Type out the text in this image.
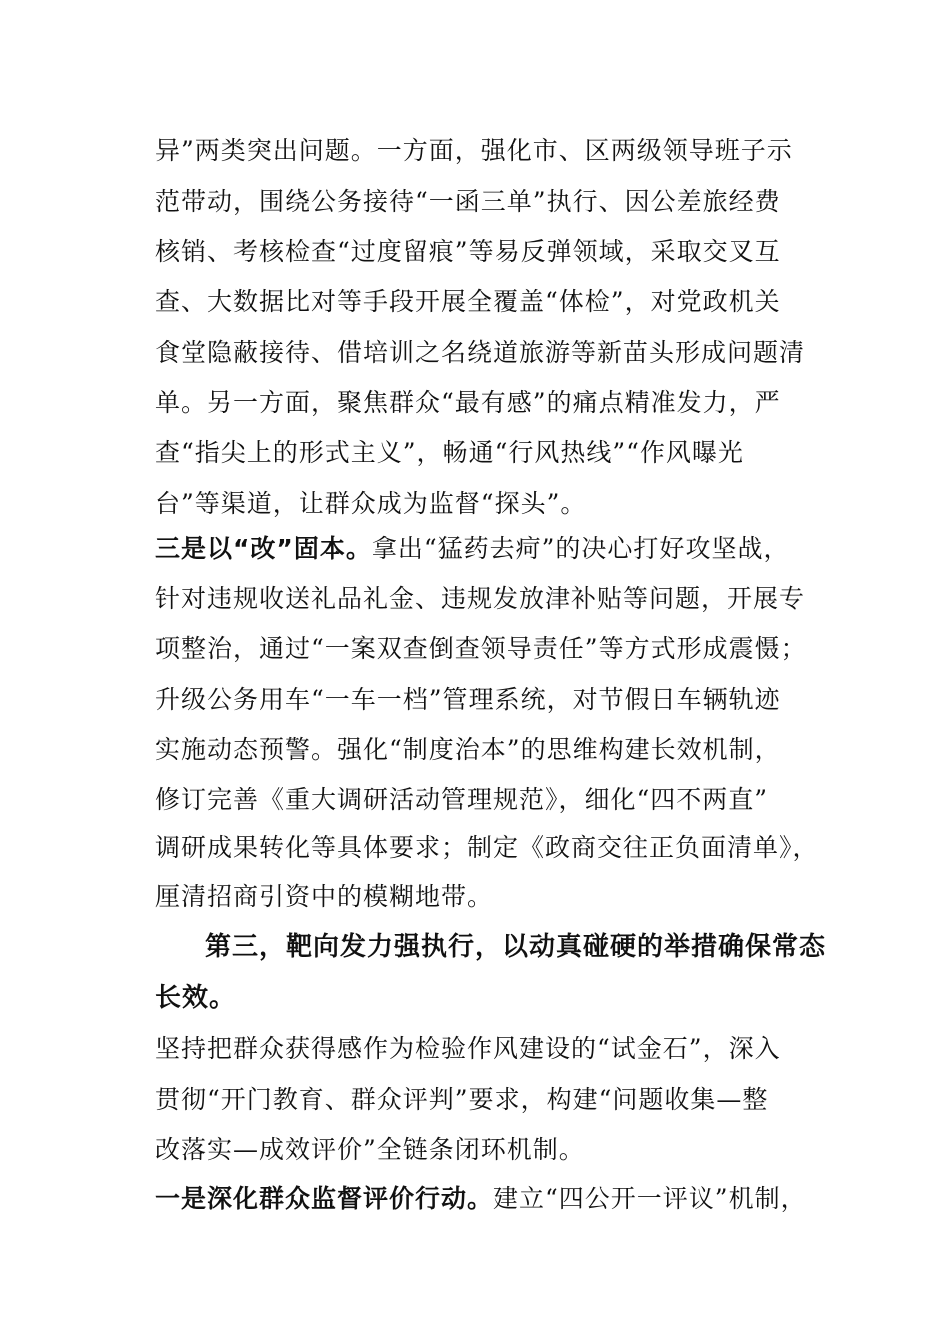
异”两类突出问题。一方面，强化市、区两级领导班子示
范带动，围绕公务接待“一函三单”执行、因公差旅经费
核销、考核检查“过度留痕”等易反弹领域，采取交叉互
查、大数据比对等手段开展全覆盖“体检”，对党政机关
食堂隐蔽接待、借培训之名绕道旅游等新苗头形成问题清
单。另一方面，聚焦群众“最有感”的痛点精准发力，严
查“指尖上的形式主义”，畅通“行风热线”“作风曝光
台”等渠道，让群众成为监督“探头”。
三是以“改”固本。拿出“猛药去疴”的决心打好攻坚战，
针对违规收送礼品礼金、违规发放津补贴等问题，开展专
项整治，通过“一案双查倒查领导责任”等方式形成震慑；
升级公务用车“一车一档”管理系统，对节假日车辆轨迹
实施动态预警。强化“制度治本”的思维构建长效机制，
修订完善《重大调研活动管理规范》，细化“四不两直”
调研成果转化等具体要求；制定《政商交往正负面清单》，
厘清招商引资中的模糊地带。
第三，靶向发力强执行，以动真碰硬的举措确保常态
长效。
坚持把群众获得感作为检验作风建设的“试金石”，深入
贯彻“开门教育、群众评判”要求，构建“问题收集—整
改落实—成效评价”全链条闭环机制。
一是深化群众监督评价行动。建立“四公开一评议”机制，
